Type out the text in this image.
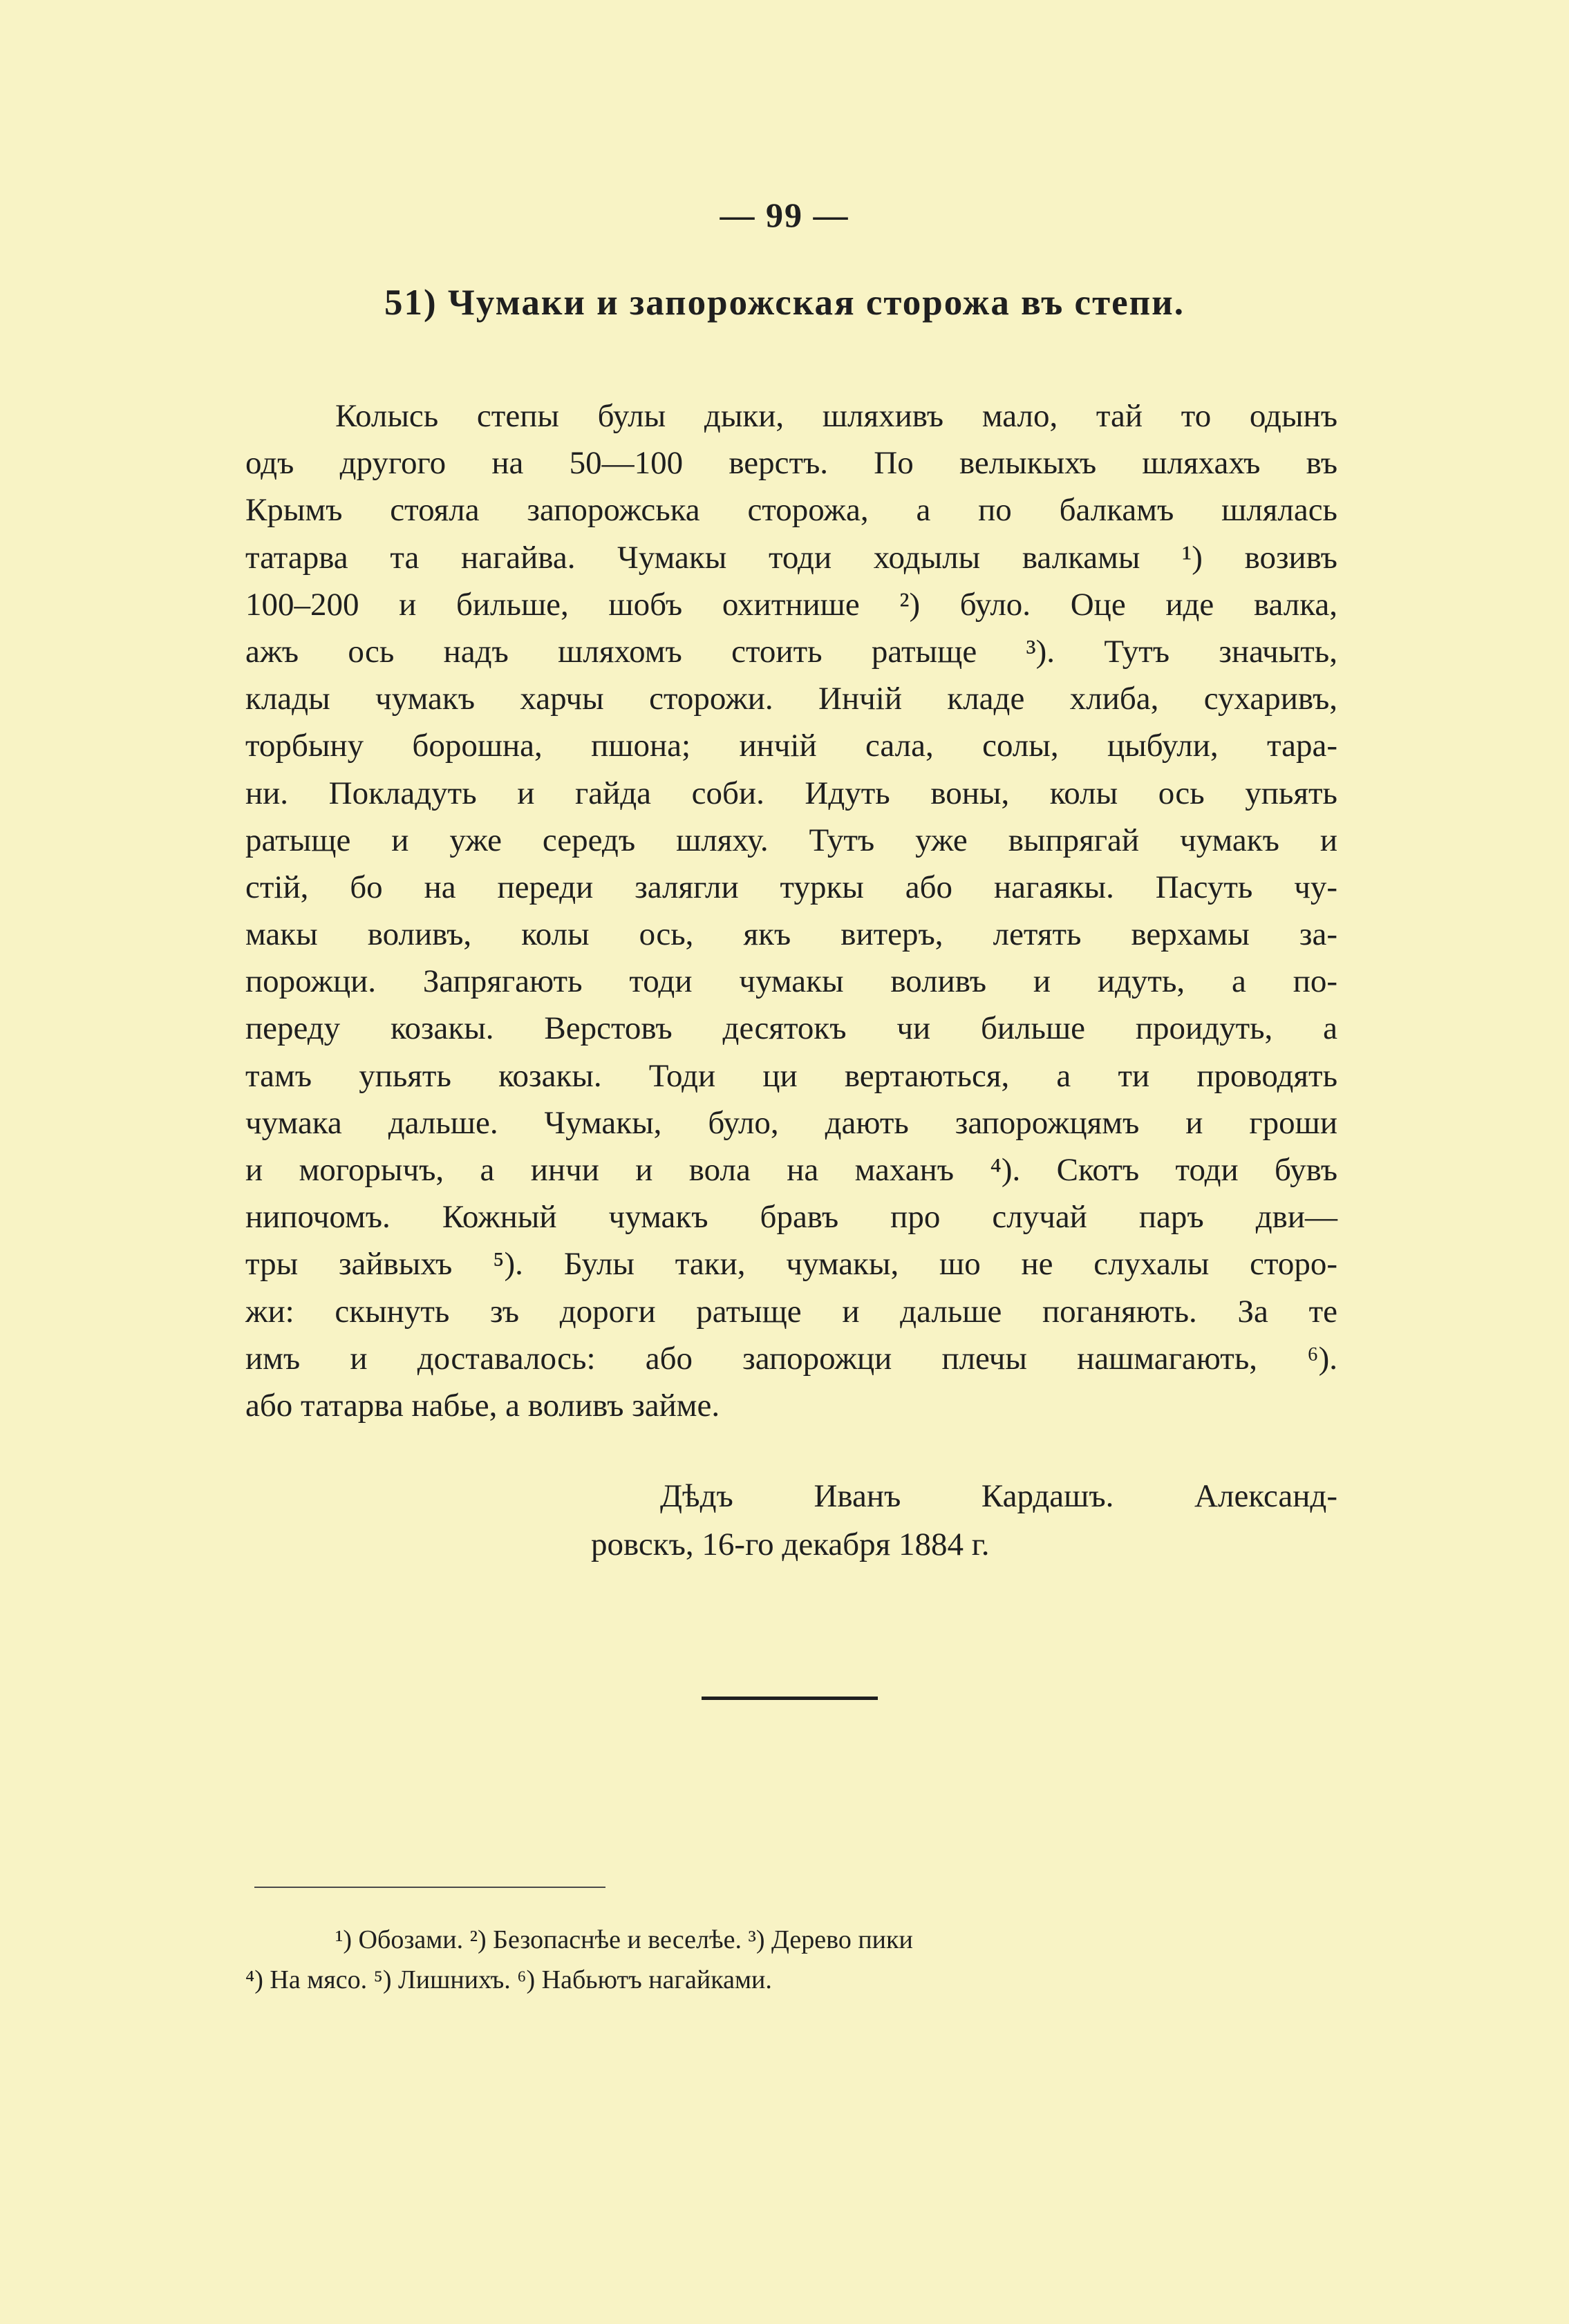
— 99 —
51) Чумаки и запорожская сторожа въ степи.
Колысь степы булы дыки, шляхивъ мало, тай то одынъ
одъ другого на 50—100 верстъ. По велыкыхъ шляхахъ въ
Крымъ стояла запорожська сторожа, а по балкамъ шлялась
татарва та нагайва. Чумакы тоди ходылы валкамы ¹) возивъ
100–200 и бильше, шобъ охитнише ²) було. Оце иде валка,
ажъ ось надъ шляхомъ стоить ратыще ³). Тутъ значыть,
клады чумакъ харчы сторожи. Инчій кладе хлиба, сухаривъ,
торбыну борошна, пшона; инчій сала, солы, цыбули, тара-
ни. Покладуть и гайда соби. Идуть воны, колы ось упьять
ратыще и уже середъ шляху. Тутъ уже выпрягай чумакъ и
стій, бо на переди залягли туркы або нагаякы. Пасуть чу-
макы воливъ, колы ось, якъ витеръ, летять верхамы за-
порожци. Запрягають тоди чумакы воливъ и идуть, а по-
переду козакы. Верстовъ десятокъ чи бильше проидуть, а
тамъ упьять козакы. Тоди ци вертаються, а ти проводять
чумака дальше. Чумакы, було, дають запорожцямъ и гроши
и могорычъ, а инчи и вола на маханъ ⁴). Скотъ тоди бувъ
нипочомъ. Кожный чумакъ бравъ про случай паръ дви—
тры зайвыхъ ⁵). Булы таки, чумакы, шо не слухалы сторо-
жи: скынуть зъ дороги ратыще и дальше поганяють. За те
имъ и доставалось: або запорожци плечы нашмагають, ⁶).
або татарва набье, а воливъ займе.
Дѣдъ Иванъ Кардашъ. Александ-
ровскъ, 16-го декабря 1884 г.
¹) Обозами. ²) Безопаснѣе и веселѣе. ³) Дерево пики
⁴) На мясо. ⁵) Лишнихъ. ⁶) Набьютъ нагайками.
